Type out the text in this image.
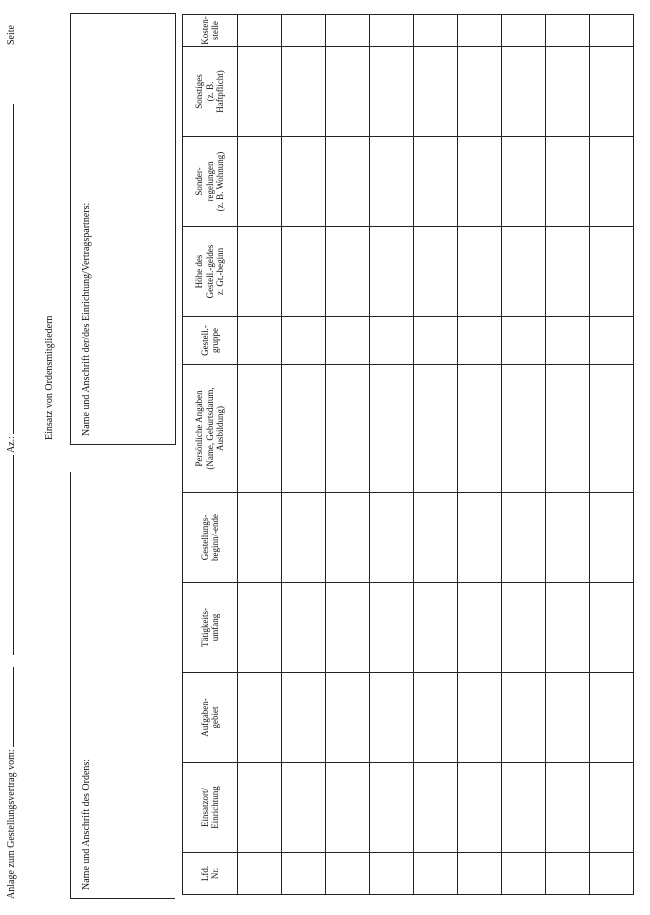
Anlage zum Gestellungsvertrag vom:
Az.:
Seite
Einsatz von Ordensmitgliedern
Name und Anschrift des Ordens:
Name und Anschrift der/des Einrichtung/Vertragspartners:
Lfd.
Nr.	Einsatzort/
Einrichtung	Aufgaben-
gebiet	Tätigkeits-
umfang	Gestellungs-
beginn/-ende	Persönliche Angaben
(Name, Geburtsdatum,
Ausbildung)	Gestell.-
gruppe	Höhe des
Gestell.-geldes
z. Gt.-beginn	Sonder-
regelungen
(z. B. Wohnung)	Sonstiges
(z. B.
Haftpflicht)	Kosten-
stelle
